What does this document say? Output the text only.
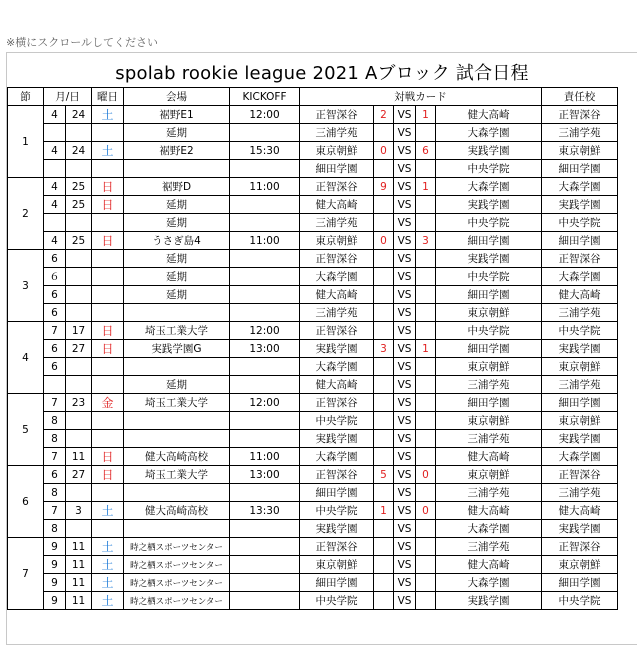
※横にスクロールしてください
spolab rookie league 2021 Aブロック 試合日程
節	月/日		曜日	会場	KICKOFF	対戦カード					責任校
1	4	24	土	裾野E1	12:00	正智深谷	2	VS	1	健大高崎	正智深谷
				延期		三浦学苑		VS		大森学園	三浦学苑
	4	24	土	裾野E2	15:30	東京朝鮮	0	VS	6	実践学園	東京朝鮮
						細田学園		VS		中央学院	細田学園
2	4	25	日	裾野D	11:00	正智深谷	9	VS	1	大森学園	大森学園
	4	25	日	延期		健大高崎		VS		実践学園	実践学園
				延期		三浦学苑		VS		中央学院	中央学院
	4	25	日	うさぎ島4	11:00	東京朝鮮	0	VS	3	細田学園	細田学園
3	6			延期		正智深谷		VS		実践学園	正智深谷
	６			延期		大森学園		VS		中央学院	大森学園
	6			延期		健大高崎		VS		細田学園	健大高崎
	6					三浦学苑		VS		東京朝鮮	三浦学苑
4	7	17	日	埼玉工業大学	12:00	正智深谷		VS		中央学院	中央学院
	6	27	日	実践学園G	13:00	実践学園	3	VS	1	細田学園	実践学園
	6					大森学園		VS		東京朝鮮	東京朝鮮
				延期		健大高崎		VS		三浦学苑	三浦学苑
5	7	23	金	埼玉工業大学	12:00	正智深谷		VS		細田学園	細田学園
	8					中央学院		VS		東京朝鮮	東京朝鮮
	8					実践学園		VS		三浦学苑	実践学園
	7	11	日	健大高崎高校	11:00	大森学園		VS		健大高崎	大森学園
6	6	27	日	埼玉工業大学	13:00	正智深谷	5	VS	0	東京朝鮮	正智深谷
	8					細田学園		VS		三浦学苑	三浦学苑
	7	3	土	健大高崎高校	13:30	中央学院	1	VS	0	健大高崎	健大高崎
	8					実践学園		VS		大森学園	実践学園
7	9	11	土	時之栖スポーツセンター		正智深谷		VS		三浦学苑	正智深谷
	9	11	土	時之栖スポーツセンター		東京朝鮮		VS		健大高崎	東京朝鮮
	9	11	土	時之栖スポーツセンター		細田学園		VS		大森学園	細田学園
	9	11	土	時之栖スポーツセンター		中央学院		VS		実践学園	中央学院
